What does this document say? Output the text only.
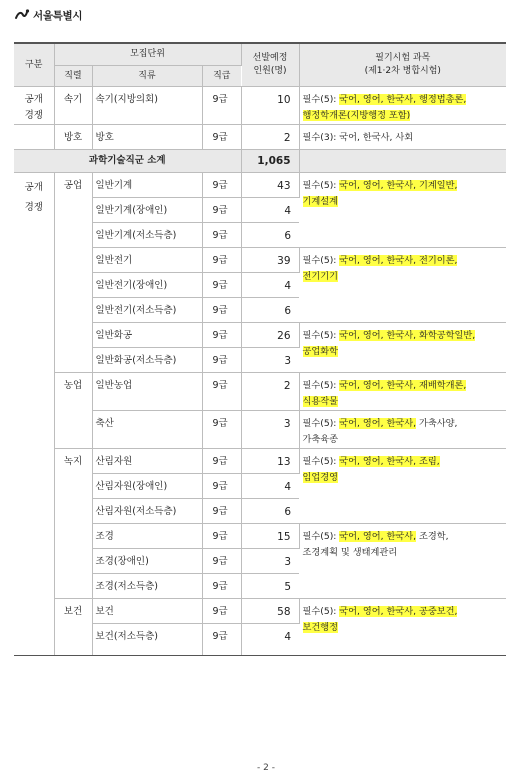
서울특별시
구분	모집단위			선발예정
인원(명)	필기시험 과목
(제1·2차 병합시험)
	직렬	직류	직급		
공개
경쟁	속기	속기(지방의회)	9급	10	필수(5): 국어, 영어, 한국사, 행정법총론,
행정학개론(지방행정 포함)
	방호	방호	9급	2	필수(3): 국어, 한국사, 사회
과학기술직군 소계				1,065	
공개
경쟁	공업	일반기계	9급	43	필수(5): 국어, 영어, 한국사, 기계일반,
기계설계
		일반기계(장애인)	9급	4	
		일반기계(저소득층)	9급	6	
		일반전기	9급	39	필수(5): 국어, 영어, 한국사, 전기이론,
전기기기
		일반전기(장애인)	9급	4	
		일반전기(저소득층)	9급	6	
		일반화공	9급	26	필수(5): 국어, 영어, 한국사, 화학공학일반,
공업화학
		일반화공(저소득층)	9급	3	
	농업	일반농업	9급	2	필수(5): 국어, 영어, 한국사, 재배학개론,
식용작물
		축산	9급	3	필수(5): 국어, 영어, 한국사, 가축사양,
가축육종
	녹지	산림자원	9급	13	필수(5): 국어, 영어, 한국사, 조림,
임업경영
		산림자원(장애인)	9급	4	
		산림자원(저소득층)	9급	6	
		조경	9급	15	필수(5): 국어, 영어, 한국사, 조경학,
조경계획 및 생태계관리
		조경(장애인)	9급	3	
		조경(저소득층)	9급	5	
	보건	보건	9급	58	필수(5): 국어, 영어, 한국사, 공중보건,
보건행정
		보건(저소득층)	9급	4	
- 2 -
